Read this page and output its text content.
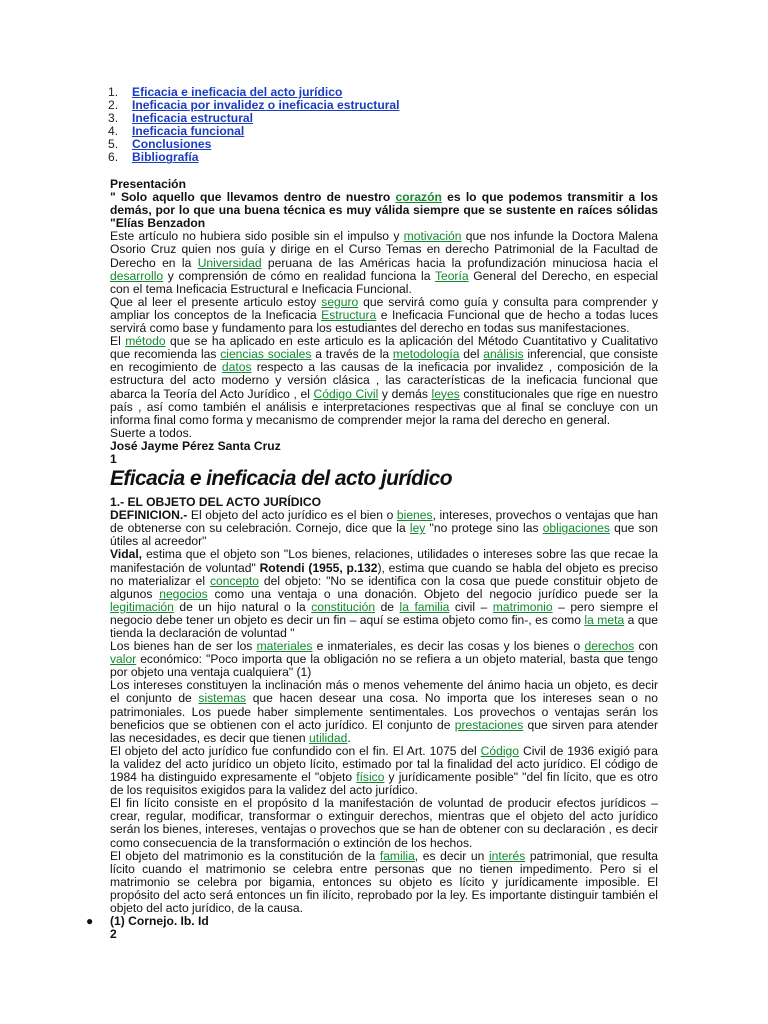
1.	Eficacia e ineficacia del acto jurídico
2.	Ineficacia por invalidez o ineficacia estructural
3.	Ineficacia estructural
4.	Ineficacia funcional
5.	Conclusiones
6.	Bibliografía
Presentación

" Solo aquello que llevamos dentro de nuestro corazón es lo que podemos transmitir a los demás, por lo que una buena técnica es muy válida siempre que se sustente en raíces sólidas "Elías Benzadon

Este artículo no hubiera sido posible sin el impulso y motivación que nos infunde la Doctora Malena Osorio Cruz quien nos guía y dirige en el Curso Temas en derecho Patrimonial de la Facultad de Derecho en la Universidad peruana de las Américas hacia la profundización minuciosa hacia el desarrollo y comprensión de cómo en realidad funciona la Teoría General del Derecho, en especial con el tema Ineficacia Estructural e Ineficacia Funcional.

Que al leer el presente articulo estoy seguro que servirá como guía y consulta para comprender y ampliar los conceptos de la Ineficacia Estructura e Ineficacia Funcional que de hecho a todas luces servirá como base y fundamento para los estudiantes del derecho en todas sus manifestaciones.

El método que se ha aplicado en este articulo es la aplicación del Método Cuantitativo y Cualitativo que recomienda las ciencias sociales a través de la metodología del análisis inferencial, que consiste en recogimiento de datos respecto a las causas de la ineficacia por invalidez , composición de la estructura del acto moderno y versión clásica , las características de la ineficacia funcional que abarca la Teoría del Acto Jurídico , el Código Civil y demás leyes constitucionales que rige en nuestro país , así como también el análisis e interpretaciones respectivas que al final se concluye con un informa final como forma y mecanismo de comprender mejor la rama del derecho en general.

Suerte a todos.
José Jayme Pérez Santa Cruz
1
Eficacia e ineficacia del acto jurídico
1.- EL OBJETO DEL ACTO JURÍDICO

DEFINICION.- El objeto del acto jurídico es el bien o bienes, intereses, provechos o ventajas que han de obtenerse con su celebración. Cornejo, dice que la ley "no protege sino las obligaciones que son útiles al acreedor"

Vidal, estima que el objeto son "Los bienes, relaciones, utilidades o intereses sobre las que recae la manifestación de voluntad" Rotendi (1955, p.132), estima que cuando se habla del objeto es preciso no materializar el concepto del objeto: "No se identifica con la cosa que puede constituir objeto de algunos negocios como una ventaja o una donación. Objeto del negocio jurídico puede ser la legitimación de un hijo natural o la constitución de la familia civil – matrimonio – pero siempre el negocio debe tener un objeto es decir un fin – aquí se estima objeto como fin-, es como la meta a que tienda la declaración de voluntad "

Los bienes han de ser los materiales e inmateriales, es decir las cosas y los bienes o derechos con valor económico: "Poco importa que la obligación no se refiera a un objeto material, basta que tengo por objeto una ventaja cualquiera" (1)

Los intereses constituyen la inclinación más o menos vehemente del ánimo hacia un objeto, es decir el conjunto de sistemas que hacen desear una cosa. No importa que los intereses sean o no patrimoniales. Los puede haber simplemente sentimentales. Los provechos o ventajas serán los beneficios que se obtienen con el acto jurídico. El conjunto de prestaciones que sirven para atender las necesidades, es decir que tienen utilidad.

El objeto del acto jurídico fue confundido con el fin. El Art. 1075 del Código Civil de 1936 exigió para la validez del acto jurídico un objeto lícito, estimado por tal la finalidad del acto jurídico. El código de 1984 ha distinguido expresamente el "objeto físico y jurídicamente posible" "del fin lícito, que es otro de los requisitos exigidos para la validez del acto jurídico.

El fin lícito consiste en el propósito d la manifestación de voluntad de producir efectos jurídicos – crear, regular, modificar, transformar o extinguir derechos, mientras que el objeto del acto jurídico serán los bienes, intereses, ventajas o provechos que se han de obtener con su declaración , es decir como consecuencia de la transformación o extinción de los hechos.

El objeto del matrimonio es la constitución de la familia, es decir un interés patrimonial, que resulta lícito cuando el matrimonio se celebra entre personas que no tienen impedimento. Pero si el matrimonio se celebra por bigamia, entonces su objeto es lícito y jurídicamente imposible. El propósito del acto será entonces un fin ilícito, reprobado por la ley. Es importante distinguir también el objeto del acto jurídico, de la causa.

● (1) Cornejo. Ib. Id
2
